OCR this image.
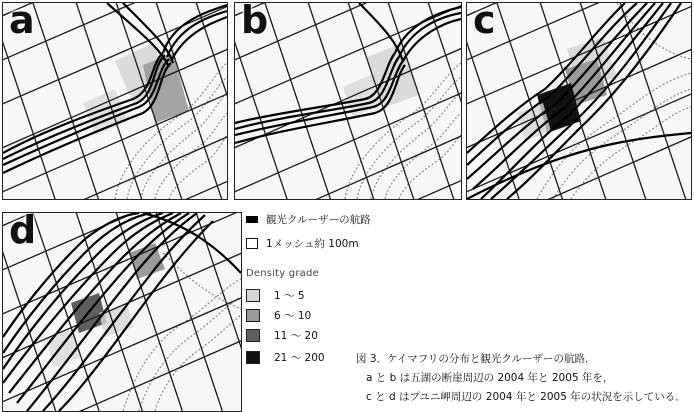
a	b	c
d	観光クルーザーの航路
1メッシュ約 100m
Density grade
1 ～ 5
6 ～ 10
11 ～ 20
21 ～ 200	図 3．ケイマフリの分布と観光クルーザーの航路．
a と b は五湖の断崖周辺の 2004 年と 2005 年を，
c と d はプユニ岬周辺の 2004 年と 2005 年の状況を示している．
